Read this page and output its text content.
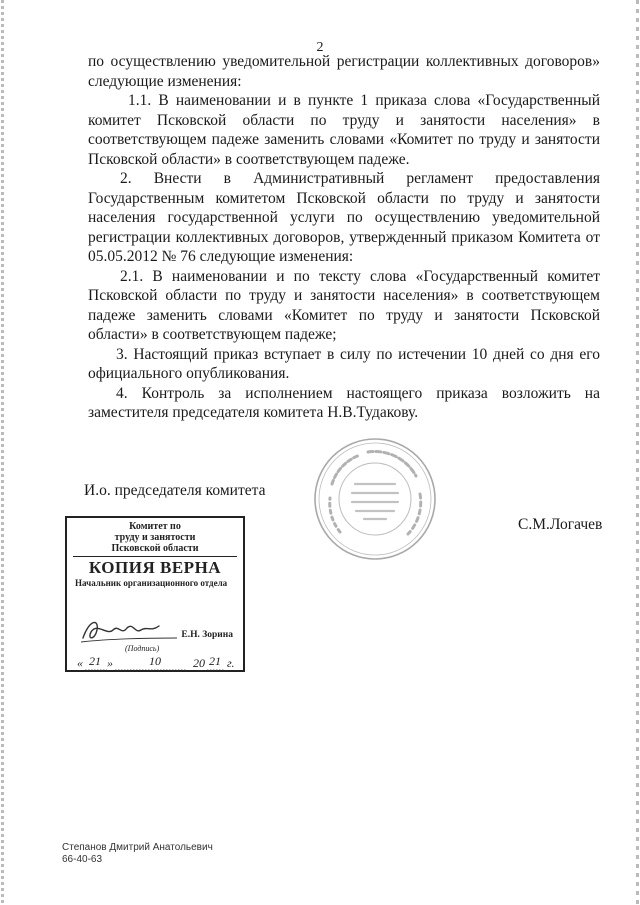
2

по осуществлению уведомительной регистрации коллективных договоров» следующие изменения:

1.1. В наименовании и в пункте 1 приказа слова «Государственный комитет Псковской области по труду и занятости населения» в соответствующем падеже заменить словами «Комитет по труду и занятости Псковской области» в соответствующем падеже.

2. Внести в Административный регламент предоставления Государственным комитетом Псковской области по труду и занятости населения государственной услуги по осуществлению уведомительной регистрации коллективных договоров, утвержденный приказом Комитета от 05.05.2012 № 76 следующие изменения:

2.1. В наименовании и по тексту слова «Государственный комитет Псковской области по труду и занятости населения» в соответствующем падеже заменить словами «Комитет по труду и занятости Псковской области» в соответствующем падеже;

3. Настоящий приказ вступает в силу по истечении 10 дней со дня его официального опубликования.

4. Контроль за исполнением настоящего приказа возложить на заместителя председателя комитета Н.В.Тудакову.

И.о. председателя комитета
С.М.Логачев
Комитет по
труду и занятости
Псковской области
КОПИЯ ВЕРНА
Начальник организационного отдела
Е.Н. Зорина
(Подпись)
« 21 »	10	20 21 г.
Степанов Дмитрий Анатольевич
66-40-63
